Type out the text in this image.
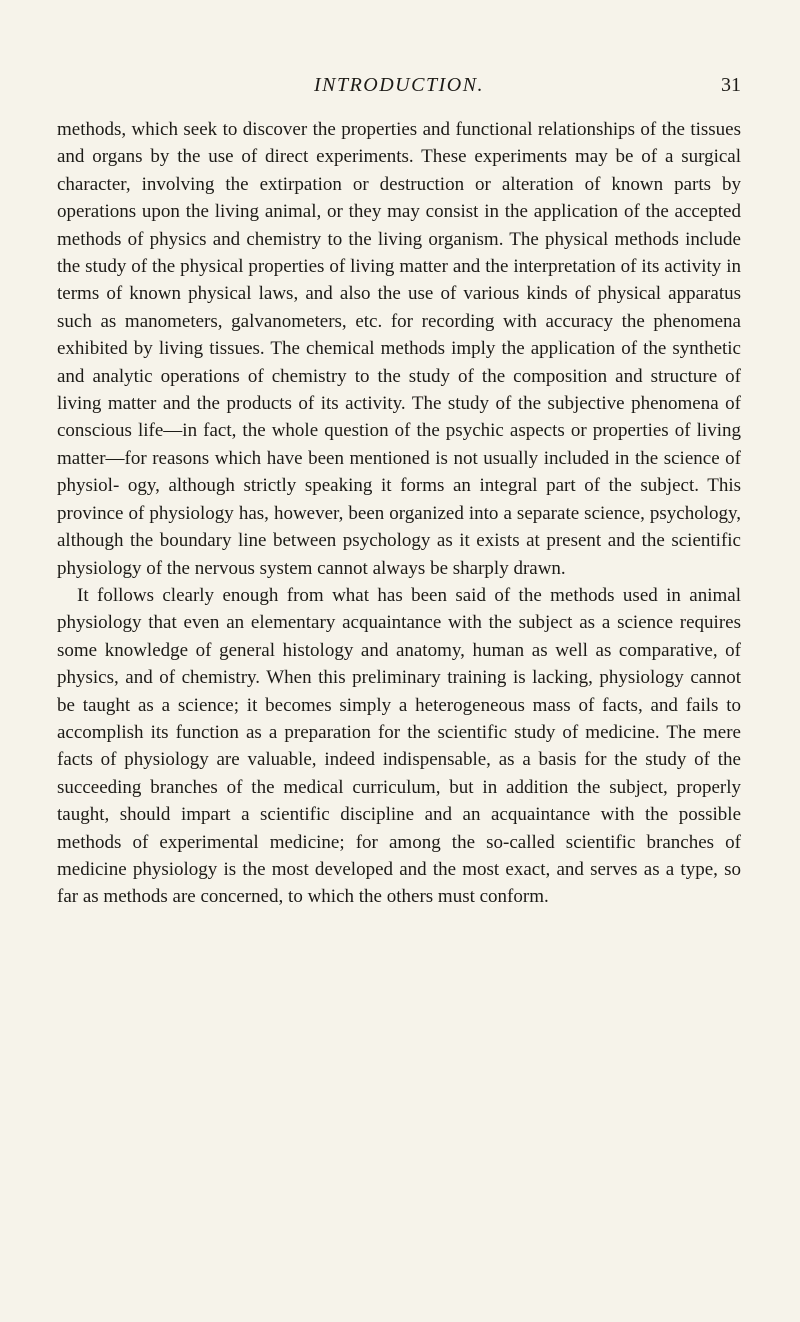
INTRODUCTION.	31

methods, which seek to discover the properties and functional relationships of the tissues and organs by the use of direct experiments. These experiments may be of a surgical character, involving the extirpation or destruction or alteration of known parts by operations upon the living animal, or they may consist in the application of the accepted methods of physics and chemistry to the living organism. The physical methods include the study of the physical properties of living matter and the interpretation of its activity in terms of known physical laws, and also the use of various kinds of physical apparatus such as manometers, galvanometers, etc. for recording with accuracy the phenomena exhibited by living tissues. The chemical methods imply the application of the synthetic and analytic operations of chemistry to the study of the composition and structure of living matter and the products of its activity. The study of the subjective phenomena of conscious life—in fact, the whole question of the psychic aspects or properties of living matter—for reasons which have been mentioned is not usually included in the science of physiol- ogy, although strictly speaking it forms an integral part of the subject. This province of physiology has, however, been organized into a separate science, psychology, although the boundary line between psychology as it exists at present and the scientific physiology of the nervous system cannot always be sharply drawn.

It follows clearly enough from what has been said of the methods used in animal physiology that even an elementary acquaintance with the subject as a science requires some knowledge of general histology and anatomy, human as well as comparative, of physics, and of chemistry. When this preliminary training is lacking, physiology cannot be taught as a science; it becomes simply a heterogeneous mass of facts, and fails to accomplish its function as a preparation for the scientific study of medicine. The mere facts of physiology are valuable, indeed indispensable, as a basis for the study of the succeeding branches of the medical curriculum, but in addition the subject, properly taught, should impart a scientific discipline and an acquaintance with the possible methods of experimental medicine; for among the so-called scientific branches of medicine physiology is the most developed and the most exact, and serves as a type, so far as methods are concerned, to which the others must conform.
